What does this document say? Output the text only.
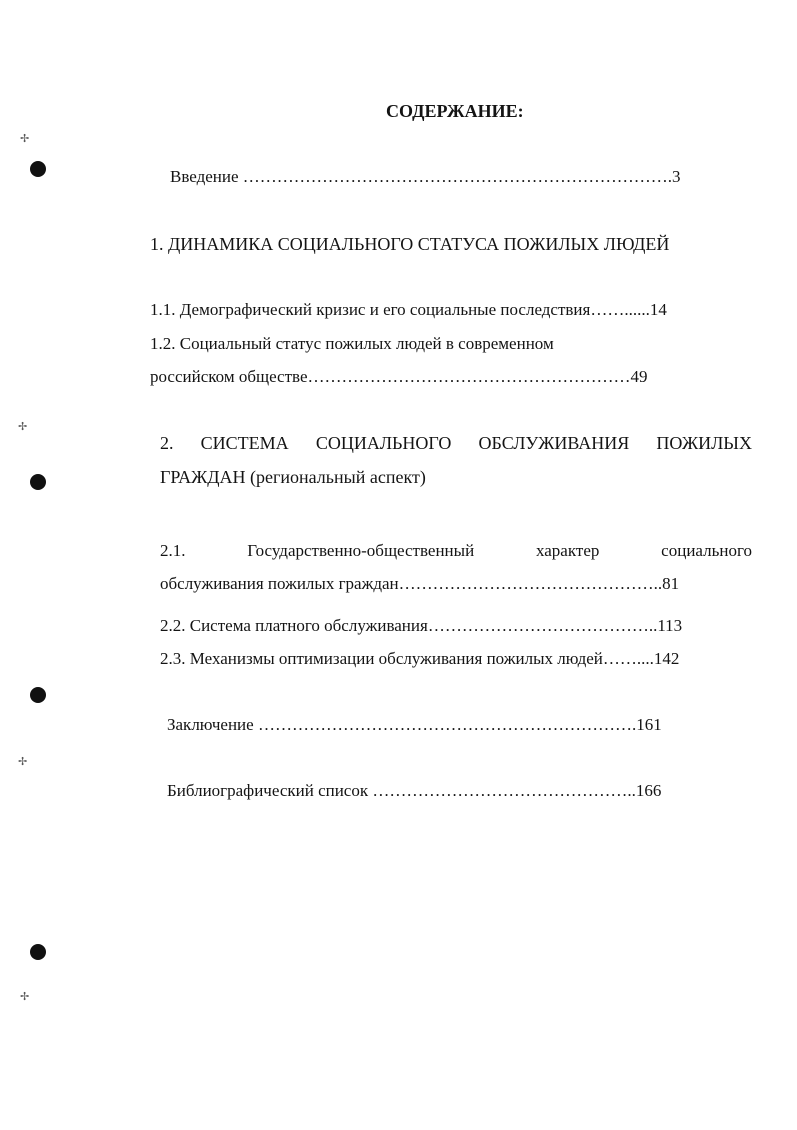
✢
✢
✢
✢
СОДЕРЖАНИЕ:
Введение ………………………………………………………………….3
1. ДИНАМИКА СОЦИАЛЬНОГО СТАТУСА ПОЖИЛЫХ ЛЮДЕЙ
1.1. Демографический кризис и его социальные последствия……......14
1.2. Социальный статус пожилых людей в современном
российском обществе…………………………………………………49
2. СИСТЕМА СОЦИАЛЬНОГО ОБСЛУЖИВАНИЯ ПОЖИЛЫХ
ГРАЖДАН (региональный аспект)
2.1.	Государственно-общественный	характер	социального
обслуживания пожилых граждан………………………………………..81
2.2. Система платного обслуживания…………………………………..113
2.3. Механизмы оптимизации обслуживания пожилых людей……....142
Заключение ………………………………………………………….161
Библиографический список ………………………………………..166
